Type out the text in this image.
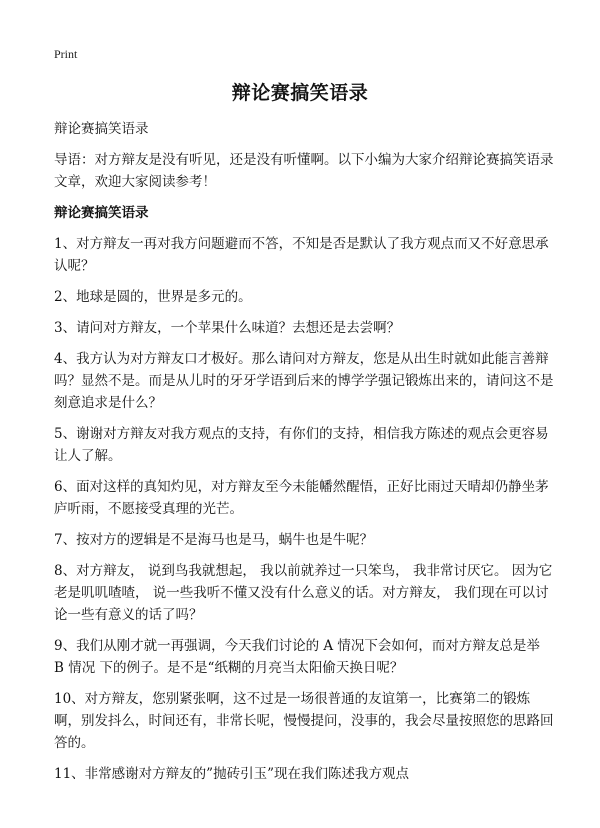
Print

辩论赛搞笑语录

辩论赛搞笑语录

导语：对方辩友是没有听见，还是没有听懂啊。以下小编为大家介绍辩论赛搞笑语录文章，欢迎大家阅读参考！

辩论赛搞笑语录

1、对方辩友一再对我方问题避而不答，不知是否是默认了我方观点而又不好意思承认呢？

2、地球是圆的，世界是多元的。

3、请问对方辩友，一个苹果什么味道？去想还是去尝啊？

4、我方认为对方辩友口才极好。那么请问对方辩友，您是从出生时就如此能言善辩吗？显然不是。而是从儿时的牙牙学语到后来的博学学强记锻炼出来的，请问这不是刻意追求是什么？

5、谢谢对方辩友对我方观点的支持，有你们的支持，相信我方陈述的观点会更容易让人了解。

6、面对这样的真知灼见，对方辩友至今未能幡然醒悟，正好比雨过天晴却仍静坐茅庐听雨，不愿接受真理的光芒。

7、按对方的逻辑是不是海马也是马，蜗牛也是牛呢？

8、对方辩友， 说到鸟我就想起， 我以前就养过一只笨鸟， 我非常讨厌它。 因为它老是叽叽喳喳， 说一些我听不懂又没有什么意义的话。对方辩友， 我们现在可以讨论一些有意义的话了吗？

9、我们从刚才就一再强调，今天我们讨论的 A 情况下会如何，而对方辩友总是举 B 情况 下的例子。是不是“纸糊的月亮当太阳偷天换日呢？

10、对方辩友，您别紧张啊，这不过是一场很普通的友谊第一，比赛第二的锻炼啊，别发抖么，时间还有，非常长呢，慢慢提问，没事的，我会尽量按照您的思路回答的。

11、非常感谢对方辩友的”抛砖引玉”现在我们陈述我方观点
